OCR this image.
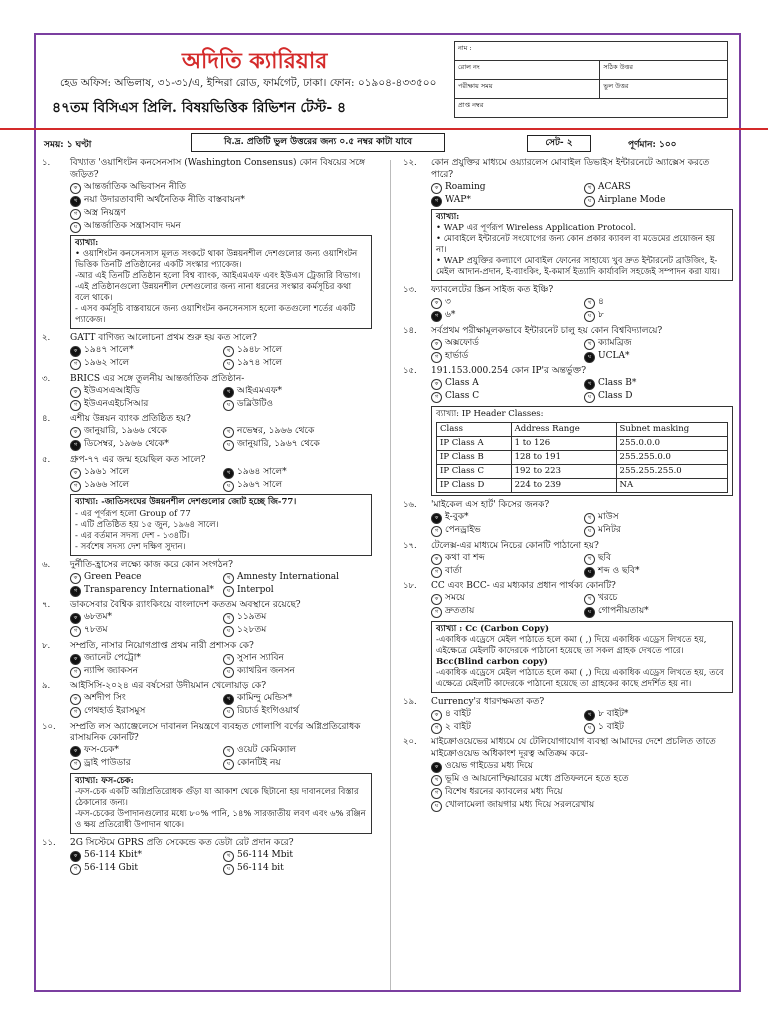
অদিতি ক্যারিয়ার
হেড অফিস: অভিলাষ, ৩১-৩১/এ, ইন্দিরা রোড, ফার্মগেট, ঢাকা। ফোন: ০১৯০৪-৪৩৩৫০০
৪৭তম বিসিএস প্রিলি. বিষয়ভিত্তিক রিভিশন টেস্ট- ৪
নাম :	
রোল নং	সঠিক উত্তর
পরীক্ষায় সময়	ভুল উত্তর
প্রাপ্ত নম্বর	
সময়: ১ ঘণ্টা	বি.দ্র. প্রতিটি ভুল উত্তরের জন্য ০.৫ নম্বর কাটা যাবে	সেট- ২	পূর্ণমান: ১০০
১.	বিখ্যাত 'ওয়াশিংটন কনসেনসাস (Washington Consensus) কোন বিষয়ের সঙ্গে জড়িত?
ক আন্তর্জাতিক অভিবাসন নীতি
খ নয়া উদারতাবাদী অর্থনৈতিক নীতি বাস্তবায়ন*
গ অস্ত্র নিয়ন্ত্রণ
ঘ আন্তর্জাতিক সন্ত্রাসবাদ দমন

ব্যাখ্যা:

• ওয়াশিংটন কনসেনসাস মূলত সংকটে থাকা উন্নয়নশীল দেশগুলোর জন্য ওয়াশিংটন ভিত্তিক তিনটি প্রতিষ্ঠানের একটি সংস্কার প্যাকেজ।

-আর এই তিনটি প্রতিষ্ঠান হলো বিশ্ব ব্যাংক, আইএমএফ এবং ইউএস ট্রেজারি বিভাগ।

-এই প্রতিষ্ঠানগুলো উন্নয়নশীল দেশগুলোর জন্য নানা ধরনের সংস্কার কর্মসূচির কথা বলে থাকে।

- এসব কর্মসূচি বাস্তবায়নে জন্য ওয়াশিংটন কনসেনসাস হলো কতগুলো শর্তের একটি প্যাকেজ।

২.	GATT বাণিজ্য আলোচনা প্রথম শুরু হয় কত সালে?
ক ১৯৪৭ সালে*	খ ১৯৪৮ সালে
গ ১৯৬২ সালে	ঘ ১৯৭৪ সালে
৩.	BRICS এর সঙ্গে তুলনীয় আন্তর্জাতিক প্রতিষ্ঠান-
ক ইউএসএআইডি	খ আইএমএফ*
গ ইউএনএইচসিআর	ঘ ডব্লিউটিও
৪.	এশীয় উন্নয়ন ব্যাংক প্রতিষ্ঠিত হয়?
ক জানুয়ারি, ১৯৬৬ থেকে	খ নভেম্বর, ১৯৬৬ থেকে
গ ডিসেম্বর, ১৯৬৬ থেকে*	ঘ জানুয়ারি, ১৯৬৭ থেকে
৫.	গ্রুপ-৭৭ এর জন্ম হয়েছিল কত সালে?
ক ১৯৬১ সালে	খ ১৯৬৪ সালে*
গ ১৯৬৬ সালে	ঘ ১৯৬৭ সালে

ব্যাখ্যা: -জাতিসংঘের উন্নয়নশীল দেশগুলোর জোট হচ্ছে জি-77।

- এর পূর্ণরূপ হলো Group of 77

- এটি প্রতিষ্ঠিত হয় ১৫ জুন, ১৯৬৪ সালে।

- এর বর্তমান সদস্য দেশ - ১৩৪টি।

- সর্বশেষ সদস্য দেশ দক্ষিণ সুদান।

৬.	দুর্নীতি-হ্রাসের লক্ষ্যে কাজ করে কোন সংগঠন?
ক Green Peace	খ Amnesty International
গ Transparency International*	ঘ Interpol
৭.	ডাকসেবার বৈশ্বিক র‍্যাংকিংয়ে বাংলাদেশ কততম অবস্থানে রয়েছে?
ক ৬৮তম*	খ ১১৯তম
গ ৭৮তম	ঘ ১২৮তম
৮.	সম্প্রতি, নাসার নিয়োগপ্রাপ্ত প্রথম নারী প্রশাসক কে?
ক জ্যানেট পেট্রো*	খ সুসান স্যাবিন
গ ন্যান্সি জ্যাকসন	ঘ ক্যাথরিন জনসন
৯.	আইসিসি-২০২৪ এর বর্ষসেরা উদীয়মান খেলোয়াড় কে?
ক অর্শদীপ সিং	খ কামিন্দু মেন্ডিস*
গ গেথহার্ড ইরাসমুস	ঘ রিচার্ড ইংগিওয়ার্থ
১০.	সম্প্রতি লস অ্যাঞ্জেলেসে দাবানল নিয়ন্ত্রণে ব্যবহৃত গোলাপি বর্ণের অগ্নিপ্রতিরোধক রাসায়নিক কোনটি?
ক ফস-চেক*	খ ওয়েট কেমিক্যাল
গ ড্রাই পাউডার	ঘ কোনটিই নয়

ব্যাখ্যা: ফস-চেক:

-ফস-চেক একটি অগ্নিপ্রতিরোধক গুঁড়া যা আকাশ থেকে ছিটানো হয় দাবানলের বিস্তার ঠেকানোর জন্য।

-ফস-চেকের উপাদানগুলোর মধ্যে ৮০% পানি, ১৪% সারজাতীয় লবণ এবং ৬% রঞ্জিন ও ক্ষয় প্রতিরোধী উপাদান থাকে।

১১.	2G সিস্টেমে GPRS প্রতি সেকেন্ডে কত ডেটা রেট প্রদান করে?
ক 56-114 Kbit*	খ 56-114 Mbit
গ 56-114 Gbit	ঘ 56-114 bit
১২.	কোন প্রযুক্তির মাধ্যমে ওয়্যারলেস মোবাইল ডিভাইস ইন্টারনেটে অ্যাক্সেস করতে পারে?
ক Roaming	খ ACARS
গ WAP*	ঘ Airplane Mode

ব্যাখ্যা:

• WAP এর পূর্ণরূপ Wireless Application Protocol.

• মোবাইলে ইন্টারনেট সংযোগের জন্য কোন প্রকার ক্যাবল বা মডেমের প্রয়োজন হয় না।

• WAP প্রযুক্তির কল্যাণে মোবাইল ফোনের সাহায্যে খুব দ্রুত ইন্টারনেট ব্রাউজিং, ই-মেইল আদান-প্রদান, ই-ব্যাংকিং, ই-কমার্স ইত্যাদি কার্যাবলি সহজেই সম্পাদন করা যায়।

১৩.	ফ্যাবলেটের স্ক্রিন সাইজ কত ইঞ্চি?
ক ৩	খ ৪
গ ৬*	ঘ ৮
১৪.	সর্বপ্রথম পরীক্ষামূলকভাবে ইন্টারনেট চালু হয় কোন বিশ্ববিদ্যালয়ে?
ক অক্সফোর্ড	খ ক্যামব্রিজ
গ হার্ভার্ড	ঘ UCLA*
১৫.	191.153.000.254 কোন IP'র অন্তর্ভুক্ত?
ক Class A	খ Class B*
গ Class C	ঘ Class D

ব্যাখ্যা: IP Header Classes:

Class	Address Range	Subnet masking
IP Class A	1 to 126	255.0.0.0
IP Class B	128 to 191	255.255.0.0
IP Class C	192 to 223	255.255.255.0
IP Class D	224 to 239	NA
১৬.	'মাইকেল এস হার্ট' কিসের জনক?
ক ই-বুক*	খ মাউস
গ পেনড্রাইভ	ঘ মনিটর
১৭.	টেলেক্স-এর মাধ্যমে নিচের কোনটি পাঠানো হয়?
ক কথা বা শব্দ	খ ছবি
গ বার্তা	ঘ শব্দ ও ছবি*
১৮.	CC এবং BCC- এর মধ্যকার প্রধান পার্থক্য কোনটি?
ক সময়ে	খ খরচে
গ দ্রুততায়	ঘ গোপনীয়তায়*

ব্যাখ্যা : Cc (Carbon Copy)

-একাধিক এড্রেসে মেইল পাঠাতে হলে কমা ( ,) দিয়ে একাধিক এড্রেস লিখতে হয়, এইক্ষেত্রে মেইলটি কাদেরকে পাঠানো হয়েছে তা সকল গ্রাহক দেখতে পারে।

Bcc(Blind carbon copy)

-একাধিক এড্রেসে মেইল পাঠাতে হলে কমা ( ,) দিয়ে একাধিক এড্রেস লিখতে হয়, তবে এক্ষেত্রে মেইলটি কাদেরকে পাঠানো হয়েছে তা গ্রাহকের কাছে প্রদর্শিত হয় না।

১৯.	Currency'র ধারণক্ষমতা কত?
ক ৪ বাইট	খ ৮ বাইট*
গ ২ বাইট	ঘ ১ বাইট
২০.	মাইক্রোওয়েভের মাধ্যমে যে টেলিযোগাযোগ ব্যবস্থা আমাদের দেশে প্রচলিত তাতে মাইক্রোওয়েভ অধিকাংশ দূরত্ব অতিক্রম করে-
ক ওয়েভ গাইডের মধ্য দিয়ে
খ ভূমি ও আয়নোস্ফিয়ারের মধ্যে প্রতিফলনে হতে হতে
গ বিশেষ ধরনের ক্যাবলের মধ্য দিয়ে
ঘ খোলামেলা জায়গার মধ্য দিয়ে সরলরেখায়
